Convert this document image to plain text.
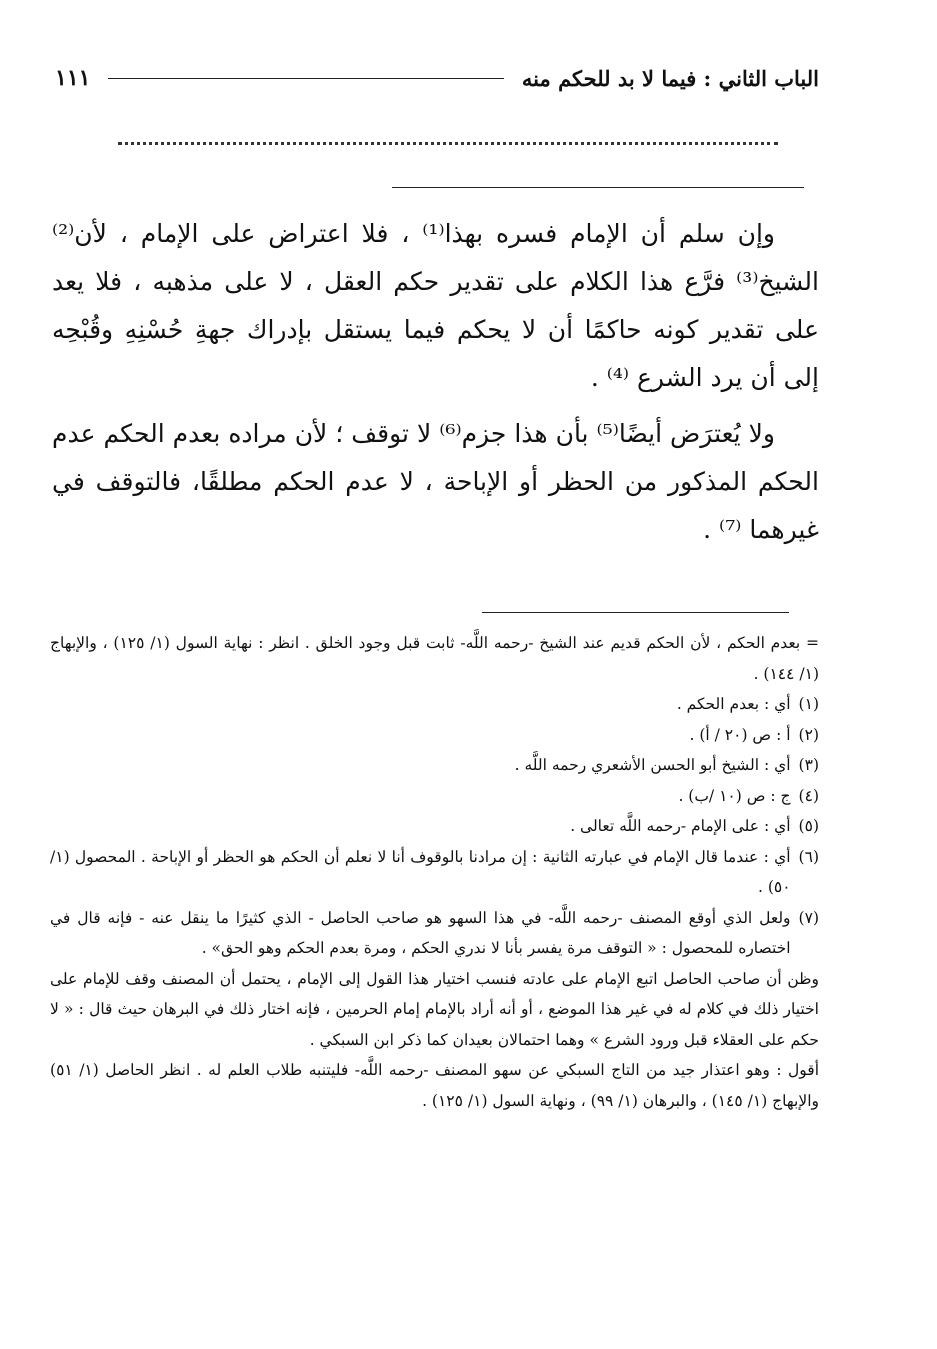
الباب الثاني : فيما لا بد للحكم منه
١١١

وإن سلم أن الإمام فسره بهذا⁽¹⁾ ، فلا اعتراض على الإمام ، لأن⁽²⁾ الشيخ⁽³⁾ فرَّع هذا الكلام على تقدير حكم العقل ، لا على مذهبه ، فلا يعد على تقدير كونه حاكمًا أن لا يحكم فيما يستقل بإدراك جهةِ حُسْنِهِ وقُبْحِه إلى أن يرد الشرع ⁽⁴⁾ .

ولا يُعترَض أيضًا⁽⁵⁾ بأن هذا جزم⁽⁶⁾ لا توقف ؛ لأن مراده بعدم الحكم عدم الحكم المذكور من الحظر أو الإباحة ، لا عدم الحكم مطلقًا، فالتوقف في غيرهما ⁽⁷⁾ .

= بعدم الحكم ، لأن الحكم قديم عند الشيخ -رحمه اللَّه- ثابت قبل وجود الخلق . انظر : نهاية السول (١/ ١٢٥) ، والإبهاج (١/ ١٤٤) .

(١)
أي : بعدم الحكم .
(٢)
أ : ص (٢٠ / أ) .
(٣)
أي : الشيخ أبو الحسن الأشعري رحمه اللَّه .
(٤)
ج : ص (١٠ /ب) .
(٥)
أي : على الإمام -رحمه اللَّه تعالى .
(٦)
أي : عندما قال الإمام في عبارته الثانية : إن مرادنا بالوقوف أنا لا نعلم أن الحكم هو الحظر أو الإباحة . المحصول (١/ ٥٠) .
(٧)
ولعل الذي أوقع المصنف -رحمه اللَّه- في هذا السهو هو صاحب الحاصل - الذي كثيرًا ما ينقل عنه - فإنه قال في اختصاره للمحصول : « التوقف مرة يفسر بأنا لا ندري الحكم ، ومرة بعدم الحكم وهو الحق» .

وظن أن صاحب الحاصل اتبع الإمام على عادته فنسب اختيار هذا القول إلى الإمام ، يحتمل أن المصنف وقف للإمام على اختيار ذلك في كلام له في غير هذا الموضع ، أو أنه أراد بالإمام إمام الحرمين ، فإنه اختار ذلك في البرهان حيث قال : « لا حكم على العقلاء قبل ورود الشرع » وهما احتمالان بعيدان كما ذكر ابن السبكي .

أقول : وهو اعتذار جيد من التاج السبكي عن سهو المصنف -رحمه اللَّه- فليتنبه طلاب العلم له . انظر الحاصل (١/ ٥١) والإبهاج (١/ ١٤٥) ، والبرهان (١/ ٩٩) ، ونهاية السول (١/ ١٢٥) .
